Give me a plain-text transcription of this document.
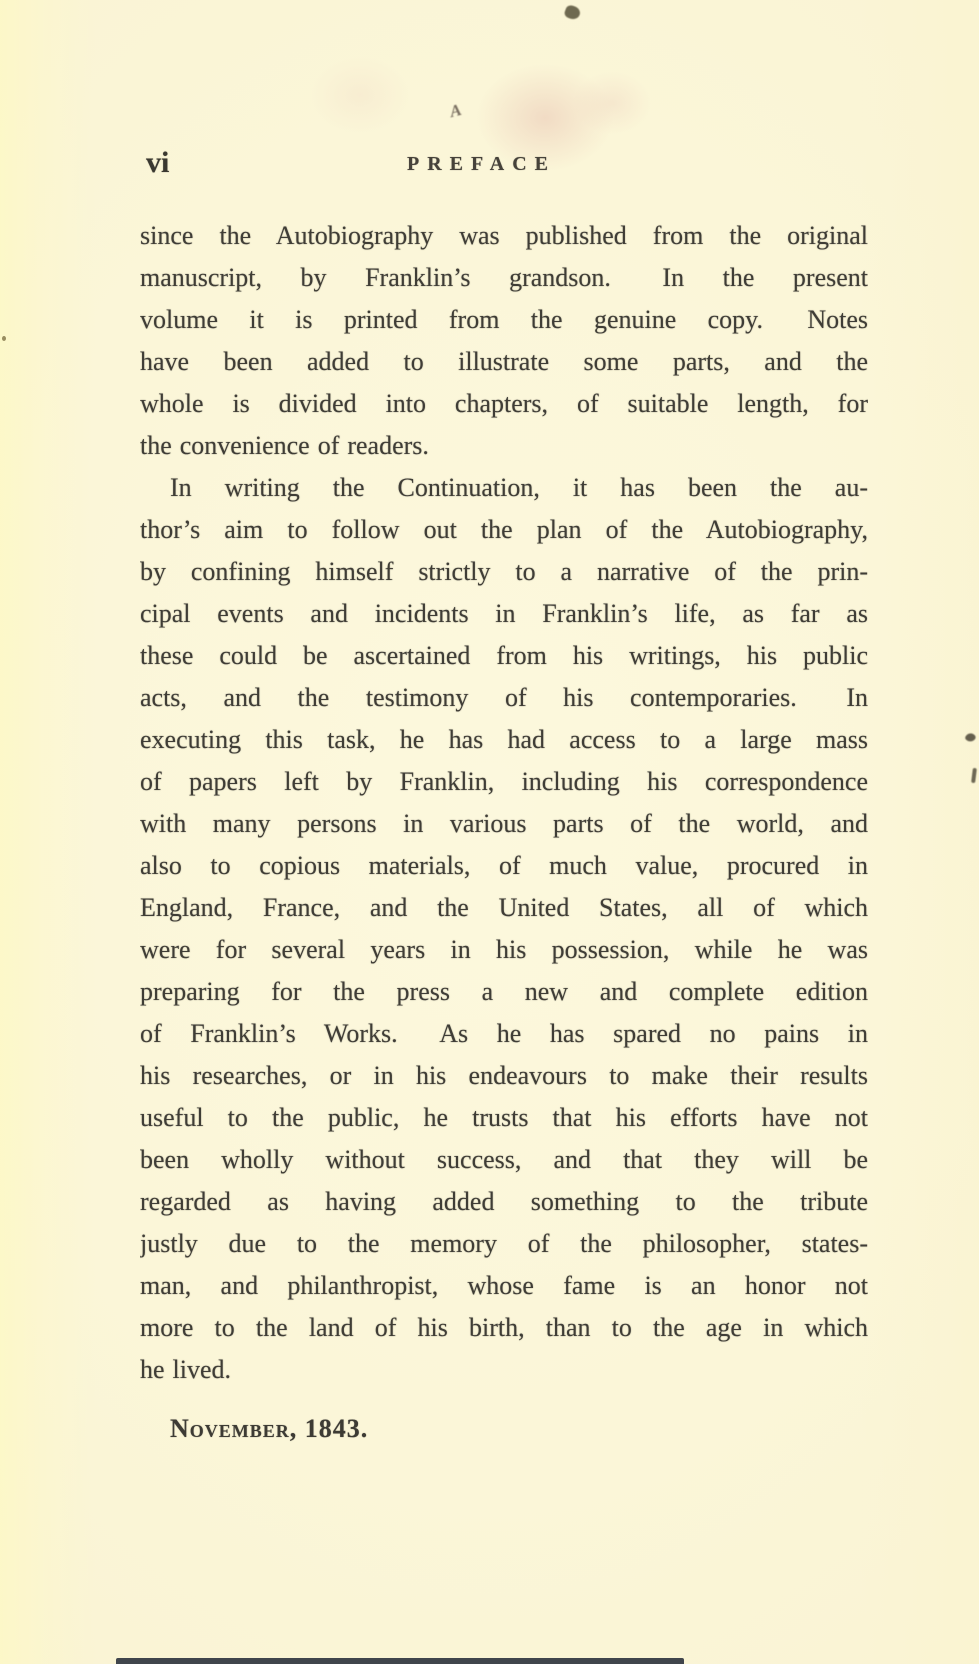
vi	PREFACE
since the Autobiography was published from the original
manuscript, by Franklin’s grandson.  In the present
volume it is printed from the genuine copy.  Notes
have been added to illustrate some parts, and the
whole is divided into chapters, of suitable length, for
the convenience of readers.
In writing the Continuation, it has been the au-
thor’s aim to follow out the plan of the Autobiography,
by confining himself strictly to a narrative of the prin-
cipal events and incidents in Franklin’s life, as far as
these could be ascertained from his writings, his public
acts, and the testimony of his contemporaries.  In
executing this task, he has had access to a large mass
of papers left by Franklin, including his correspondence
with many persons in various parts of the world, and
also to copious materials, of much value, procured in
England, France, and the United States, all of which
were for several years in his possession, while he was
preparing for the press a new and complete edition
of Franklin’s Works.  As he has spared no pains in
his researches, or in his endeavours to make their results
useful to the public, he trusts that his efforts have not
been wholly without success, and that they will be
regarded as having added something to the tribute
justly due to the memory of the philosopher, states-
man, and philanthropist, whose fame is an honor not
more to the land of his birth, than to the age in which
he lived.
November, 1843.
A
